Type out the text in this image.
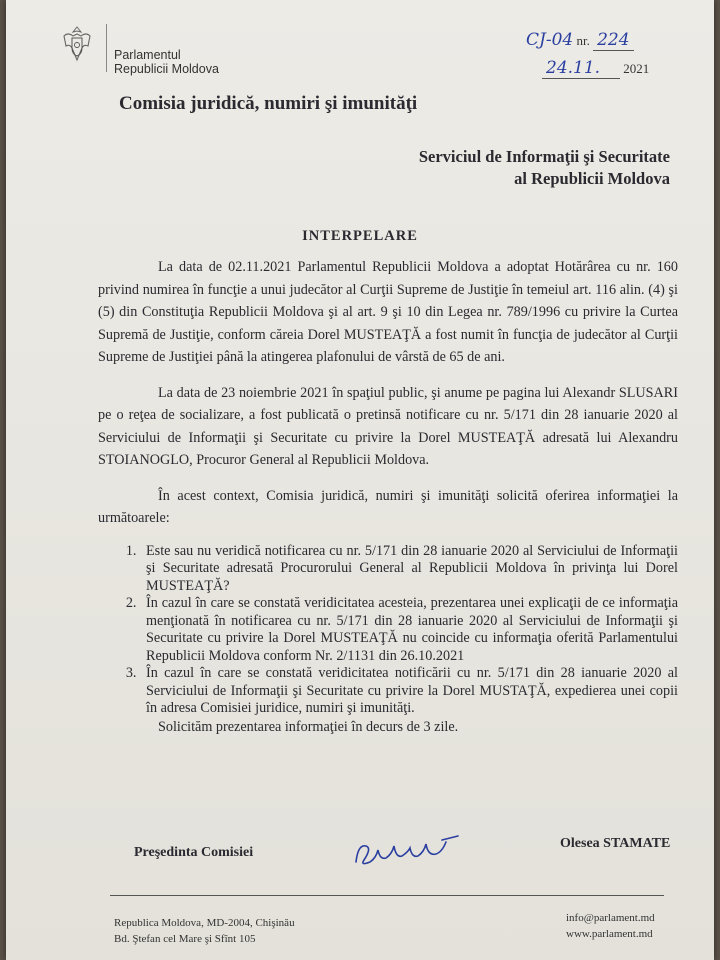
Parlamentul
Republicii Moldova
CJ-04 nr. 224
24.11. 2021
Comisia juridică, numiri şi imunităţi
Serviciul de Informaţii şi Securitate
al Republicii Moldova
INTERPELARE

La data de 02.11.2021 Parlamentul Republicii Moldova a adoptat Hotărârea cu nr. 160 privind numirea în funcţie a unui judecător al Curţii Supreme de Justiţie în temeiul art. 116 alin. (4) şi (5) din Constituţia Republicii Moldova şi al art. 9 şi 10 din Legea nr. 789/1996 cu privire la Curtea Supremă de Justiţie, conform căreia Dorel MUSTEAŢĂ a fost numit în funcţia de judecător al Curţii Supreme de Justiţiei până la atingerea plafonului de vârstă de 65 de ani.

La data de 23 noiembrie 2021 în spaţiul public, şi anume pe pagina lui Alexandr SLUSARI pe o reţea de socializare, a fost publicată o pretinsă notificare cu nr. 5/171 din 28 ianuarie 2020 al Serviciului de Informaţii şi Securitate cu privire la Dorel MUSTEAŢĂ adresată lui Alexandru STOIANOGLO, Procuror General al Republicii Moldova.

În acest context, Comisia juridică, numiri şi imunităţi solicită oferirea informaţiei la următoarele:

1. Este sau nu veridică notificarea cu nr. 5/171 din 28 ianuarie 2020 al Serviciului de Informaţii şi Securitate adresată Procurorului General al Republicii Moldova în privinţa lui Dorel MUSTEAŢĂ?
2. În cazul în care se constată veridicitatea acesteia, prezentarea unei explicaţii de ce informaţia menţionată în notificarea cu nr. 5/171 din 28 ianuarie 2020 al Serviciului de Informaţii şi Securitate cu privire la Dorel MUSTEAŢĂ nu coincide cu informaţia oferită Parlamentului Republicii Moldova conform Nr. 2/1131 din 26.10.2021
3. În cazul în care se constată veridicitatea notificării cu nr. 5/171 din 28 ianuarie 2020 al Serviciului de Informaţii şi Securitate cu privire la Dorel MUSTAŢĂ, expedierea unei copii în adresa Comisiei juridice, numiri şi imunităţi.

Solicităm prezentarea informaţiei în decurs de 3 zile.

Preşedinta Comisiei
Olesea STAMATE
Republica Moldova, MD-2004, Chişinău
Bd. Ştefan cel Mare şi Sfînt 105
info@parlament.md
www.parlament.md
